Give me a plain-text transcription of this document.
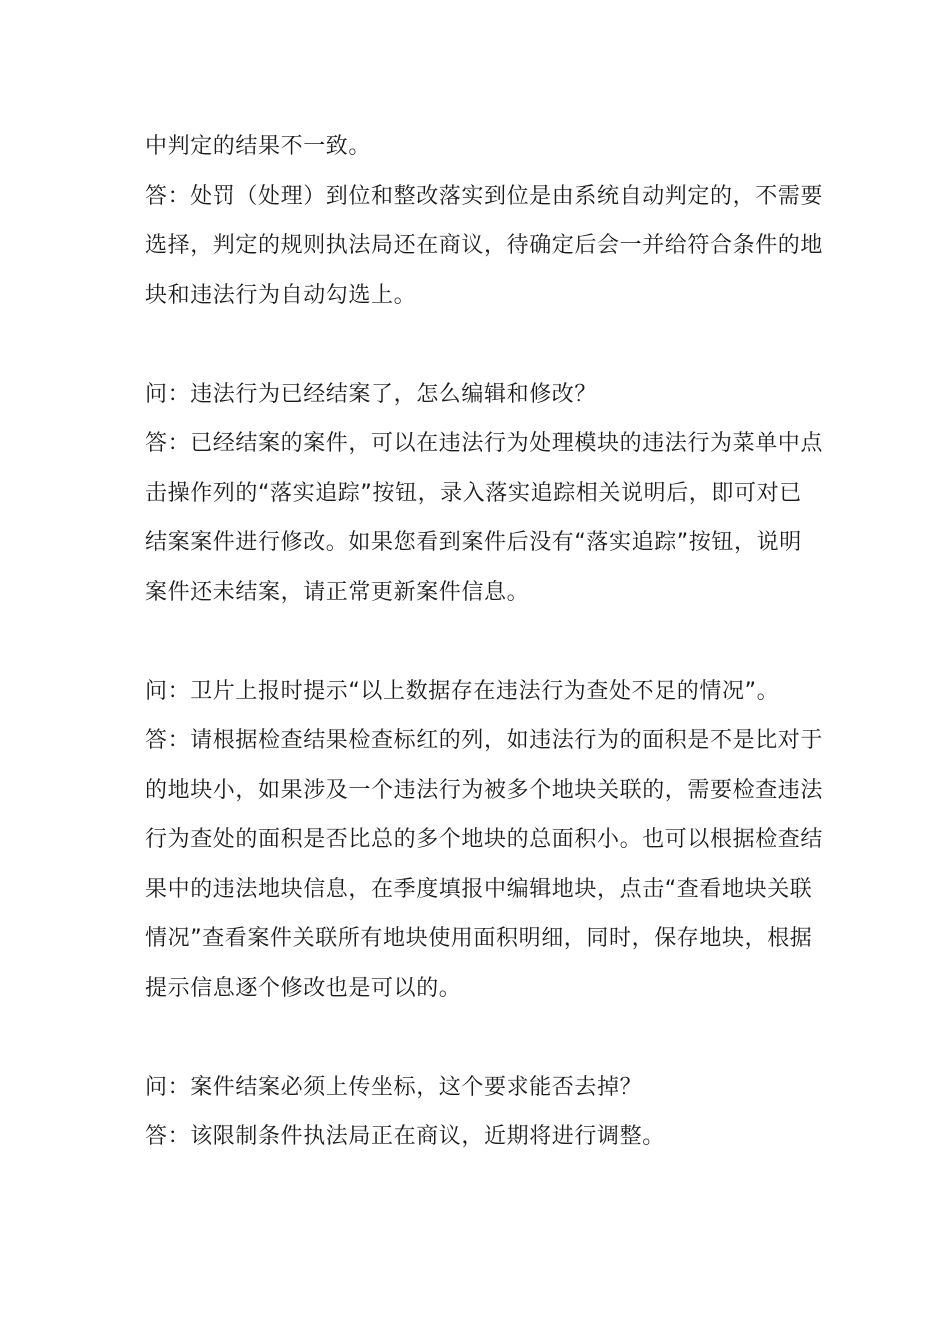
中判定的结果不一致。
答：处罚（处理）到位和整改落实到位是由系统自动判定的，不需要
选择，判定的规则执法局还在商议，待确定后会一并给符合条件的地
块和违法行为自动勾选上。
问：违法行为已经结案了，怎么编辑和修改？
答：已经结案的案件，可以在违法行为处理模块的违法行为菜单中点
击操作列的“落实追踪”按钮，录入落实追踪相关说明后，即可对已
结案案件进行修改。如果您看到案件后没有“落实追踪”按钮，说明
案件还未结案，请正常更新案件信息。
问：卫片上报时提示“以上数据存在违法行为查处不足的情况”。
答：请根据检查结果检查标红的列，如违法行为的面积是不是比对于
的地块小，如果涉及一个违法行为被多个地块关联的，需要检查违法
行为查处的面积是否比总的多个地块的总面积小。也可以根据检查结
果中的违法地块信息，在季度填报中编辑地块，点击“查看地块关联
情况”查看案件关联所有地块使用面积明细，同时，保存地块，根据
提示信息逐个修改也是可以的。
问：案件结案必须上传坐标，这个要求能否去掉？
答：该限制条件执法局正在商议，近期将进行调整。
